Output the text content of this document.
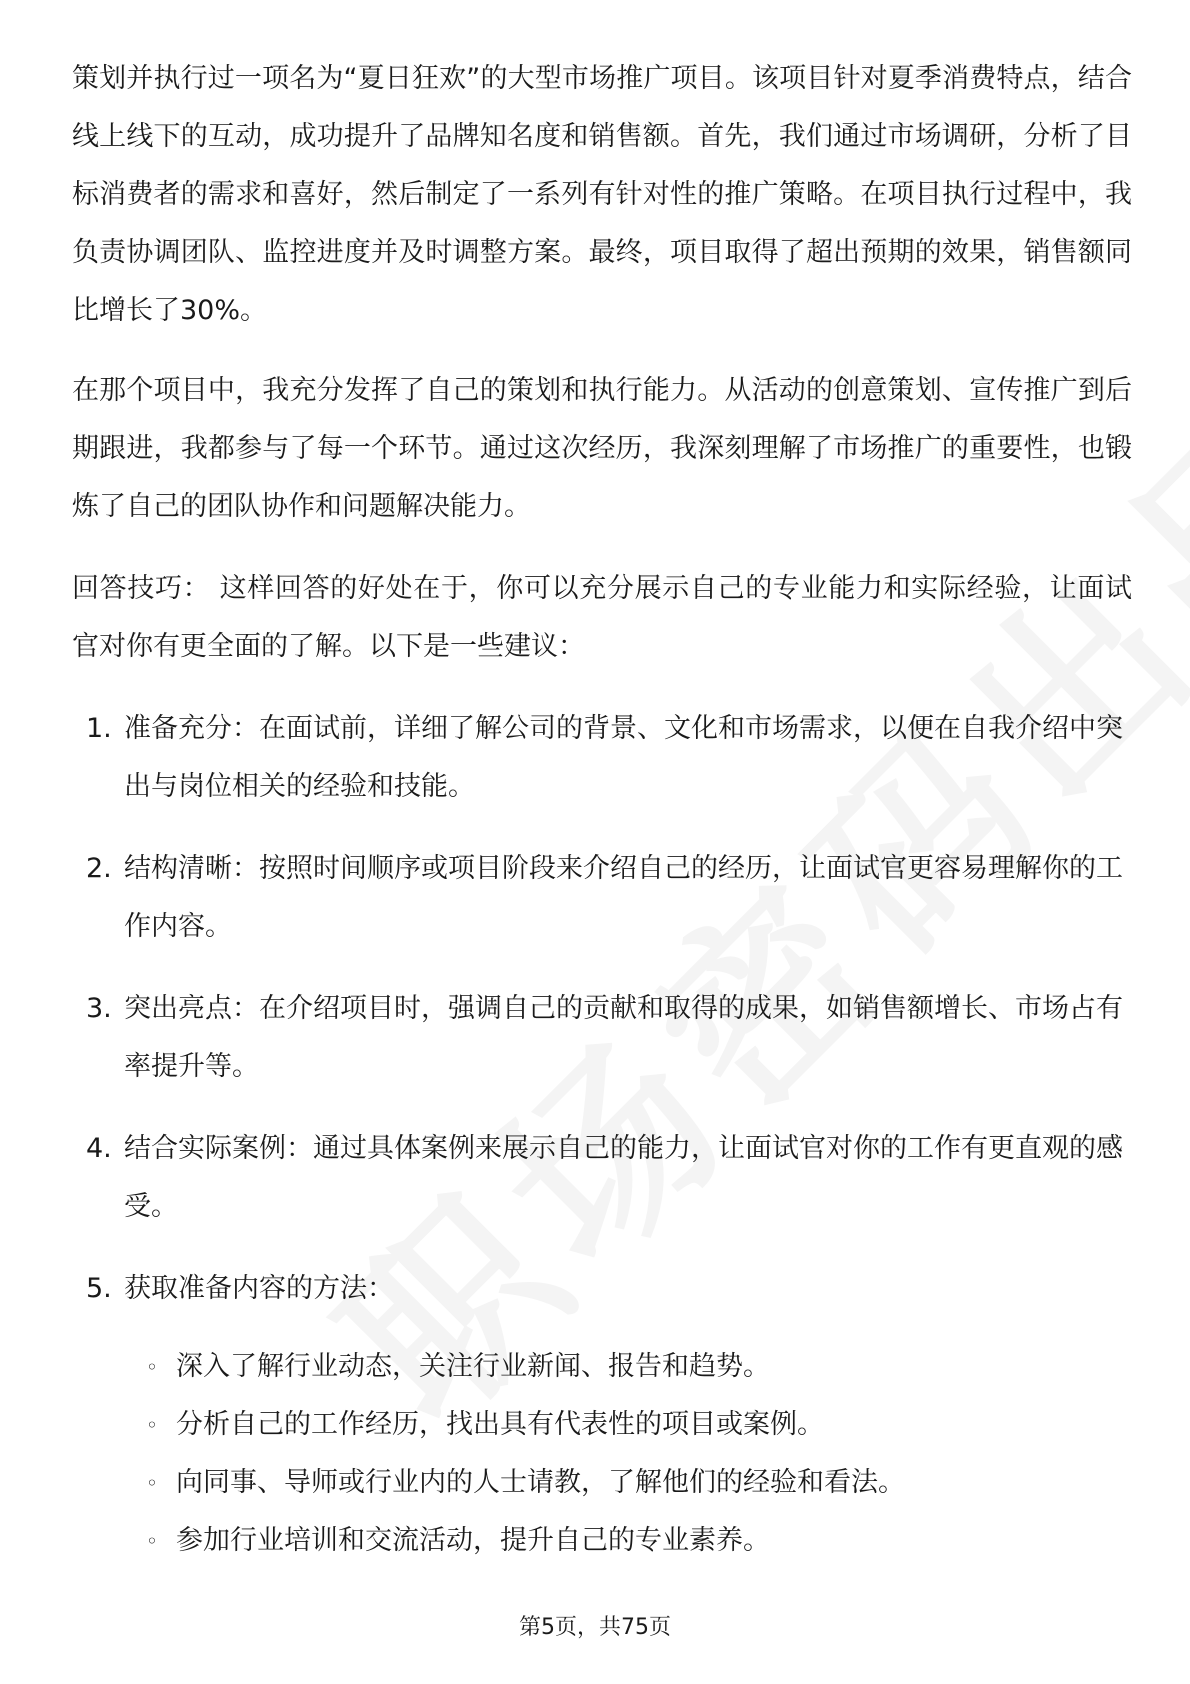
策划并执行过一项名为“夏日狂欢”的大型市场推广项目。该项目针对夏季消费特点，结合线上线下的互动，成功提升了品牌知名度和销售额。首先，我们通过市场调研，分析了目标消费者的需求和喜好，然后制定了一系列有针对性的推广策略。在项目执行过程中，我负责协调团队、监控进度并及时调整方案。最终，项目取得了超出预期的效果，销售额同比增长了30%。

在那个项目中，我充分发挥了自己的策划和执行能力。从活动的创意策划、宣传推广到后期跟进，我都参与了每一个环节。通过这次经历，我深刻理解了市场推广的重要性，也锻炼了自己的团队协作和问题解决能力。

回答技巧： 这样回答的好处在于，你可以充分展示自己的专业能力和实际经验，让面试官对你有更全面的了解。以下是一些建议：

1. 准备充分：在面试前，详细了解公司的背景、文化和市场需求，以便在自我介绍中突出与岗位相关的经验和技能。
2. 结构清晰：按照时间顺序或项目阶段来介绍自己的经历，让面试官更容易理解你的工作内容。
3. 突出亮点：在介绍项目时，强调自己的贡献和取得的成果，如销售额增长、市场占有率提升等。
4. 结合实际案例：通过具体案例来展示自己的能力，让面试官对你的工作有更直观的感受。
5. 获取准备内容的方法：
◦ 深入了解行业动态，关注行业新闻、报告和趋势。
◦ 分析自己的工作经历，找出具有代表性的项目或案例。
◦ 向同事、导师或行业内的人士请教，了解他们的经验和看法。
◦ 参加行业培训和交流活动，提升自己的专业素养。
第5页，共75页
